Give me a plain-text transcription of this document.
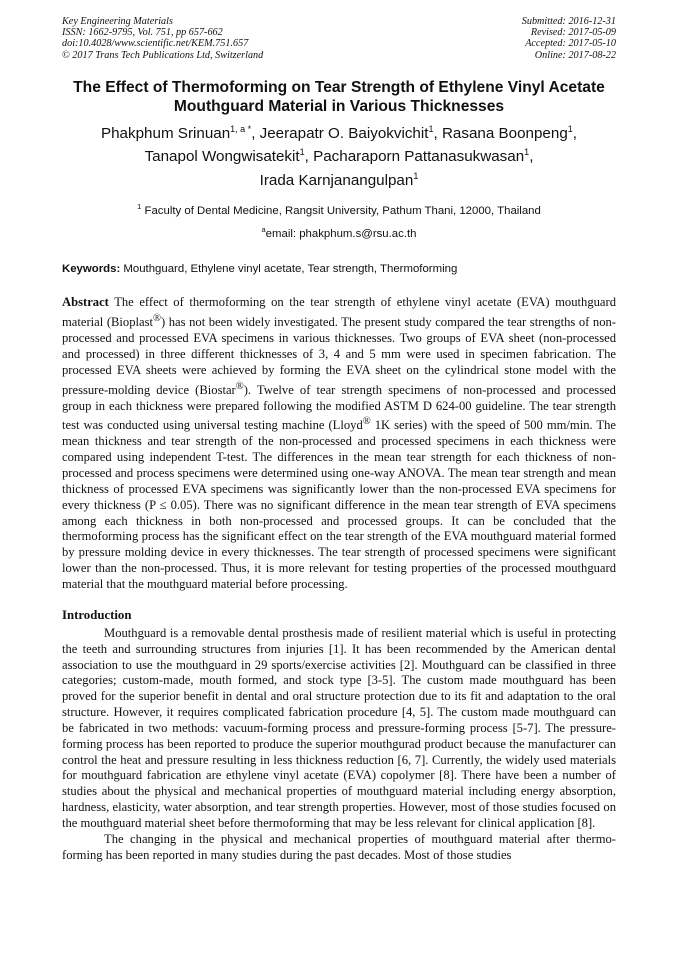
Key Engineering Materials
ISSN: 1662-9795, Vol. 751, pp 657-662
doi:10.4028/www.scientific.net/KEM.751.657
© 2017 Trans Tech Publications Ltd, Switzerland
Submitted: 2016-12-31
Revised: 2017-05-09
Accepted: 2017-05-10
Online: 2017-08-22
The Effect of Thermoforming on Tear Strength of Ethylene Vinyl Acetate Mouthguard Material in Various Thicknesses
Phakphum Srinuan$^{1, a *}$, Jeerapatr O. Baiyokvichit$^1$, Rasana Boonpeng$^1$,
Tanapol Wongwisatekit$^1$, Pacharaporn Pattanasukwasan$^1$,
Irada Karnjanangulpan$^1$
$^1$ Faculty of Dental Medicine, Rangsit University, Pathum Thani, 12000, Thailand
$^a$email: phakphum.s@rsu.ac.th
Keywords: Mouthguard, Ethylene vinyl acetate, Tear strength, Thermoforming
Abstract The effect of thermoforming on the tear strength of ethylene vinyl acetate (EVA) mouthguard material (Bioplast®) has not been widely investigated. The present study compared the tear strengths of non-processed and processed EVA specimens in various thicknesses. Two groups of EVA sheet (non-processed and processed) in three different thicknesses of 3, 4 and 5 mm were used in specimen fabrication. The processed EVA sheets were achieved by forming the EVA sheet on the cylindrical stone model with the pressure-molding device (Biostar®). Twelve of tear strength specimens of non-processed and processed group in each thickness were prepared following the modified ASTM D 624-00 guideline. The tear strength test was conducted using universal testing machine (Lloyd® 1K series) with the speed of 500 mm/min. The mean thickness and tear strength of the non-processed and processed specimens in each thickness were compared using independent T-test. The differences in the mean tear strength for each thickness of non-processed and process specimens were determined using one-way ANOVA. The mean tear strength and mean thickness of processed EVA specimens was significantly lower than the non-processed EVA specimens for every thickness (P ≤ 0.05). There was no significant difference in the mean tear strength of EVA specimens among each thickness in both non-processed and processed groups. It can be concluded that the thermoforming process has the significant effect on the tear strength of the EVA mouthguard material formed by pressure molding device in every thicknesses. The tear strength of processed specimens were significant lower than the non-processed. Thus, it is more relevant for testing properties of the processed mouthguard material that the mouthguard material before processing.
Introduction
Mouthguard is a removable dental prosthesis made of resilient material which is useful in protecting the teeth and surrounding structures from injuries [1]. It has been recommended by the American dental association to use the mouthguard in 29 sports/exercise activities [2]. Mouthguard can be classified in three categories; custom-made, mouth formed, and stock type [3-5]. The custom made mouthguard has been proved for the superior benefit in dental and oral structure protection due to its fit and adaptation to the oral structure. However, it requires complicated fabrication procedure [4, 5]. The custom made mouthguard can be fabricated in two methods: vacuum-forming process and pressure-forming process [5-7]. The pressure-forming process has been reported to produce the superior mouthgurad product because the manufacturer can control the heat and pressure resulting in less thickness reduction [6, 7]. Currently, the widely used materials for mouthguard fabrication are ethylene vinyl acetate (EVA) copolymer [8]. There have been a number of studies about the physical and mechanical properties of mouthguard material including energy absorption, hardness, elasticity, water absorption, and tear strength properties. However, most of those studies focused on the mouthguard material sheet before thermoforming that may be less relevant for clinical application [8].
The changing in the physical and mechanical properties of mouthguard material after thermo-forming has been reported in many studies during the past decades. Most of those studies
